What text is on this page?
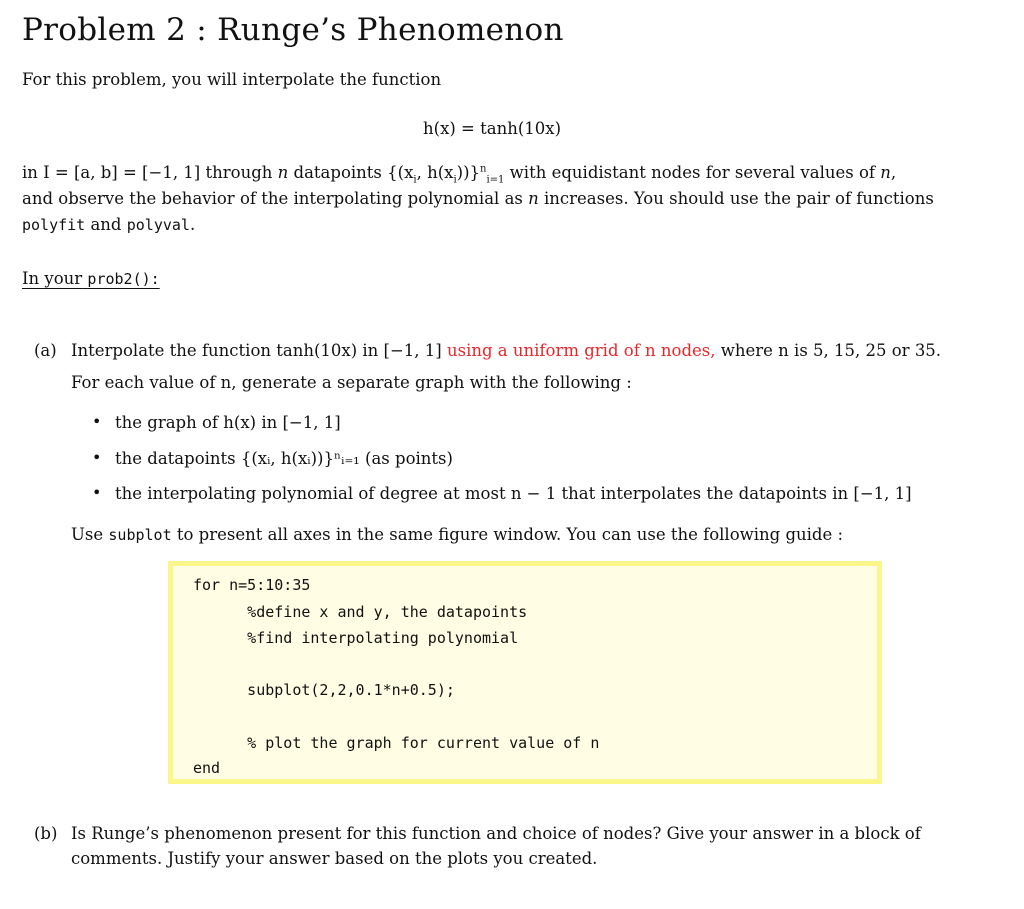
Problem 2 : Runge’s Phenomenon
For this problem, you will interpolate the function
h(x) = tanh(10x)
in I = [a, b] = [−1, 1] through n datapoints {($x_i$, $h(x_i))\}^n_{i=1}$ with equidistant nodes for several values of n,
and observe the behavior of the interpolating polynomial as n increases. You should use the pair of functions
polyfit and polyval.
In your prob2():
(a) Interpolate the function tanh(10x) in [−1, 1] using a uniform grid of n nodes, where n is 5, 15, 25 or 35.
For each value of n, generate a separate graph with the following :
• the graph of h(x) in [−1, 1]
• the datapoints {(xᵢ, h(xᵢ))}ⁿᵢ₌₁ (as points)
• the interpolating polynomial of degree at most n − 1 that interpolates the datapoints in [−1, 1]
Use subplot to present all axes in the same figure window. You can use the following guide :
for n=5:10:35
%define x and y, the datapoints
%find interpolating polynomial
subplot(2,2,0.1*n+0.5);
% plot the graph for current value of n
end
(b) Is Runge’s phenomenon present for this function and choice of nodes? Give your answer in a block of
comments. Justify your answer based on the plots you created.
